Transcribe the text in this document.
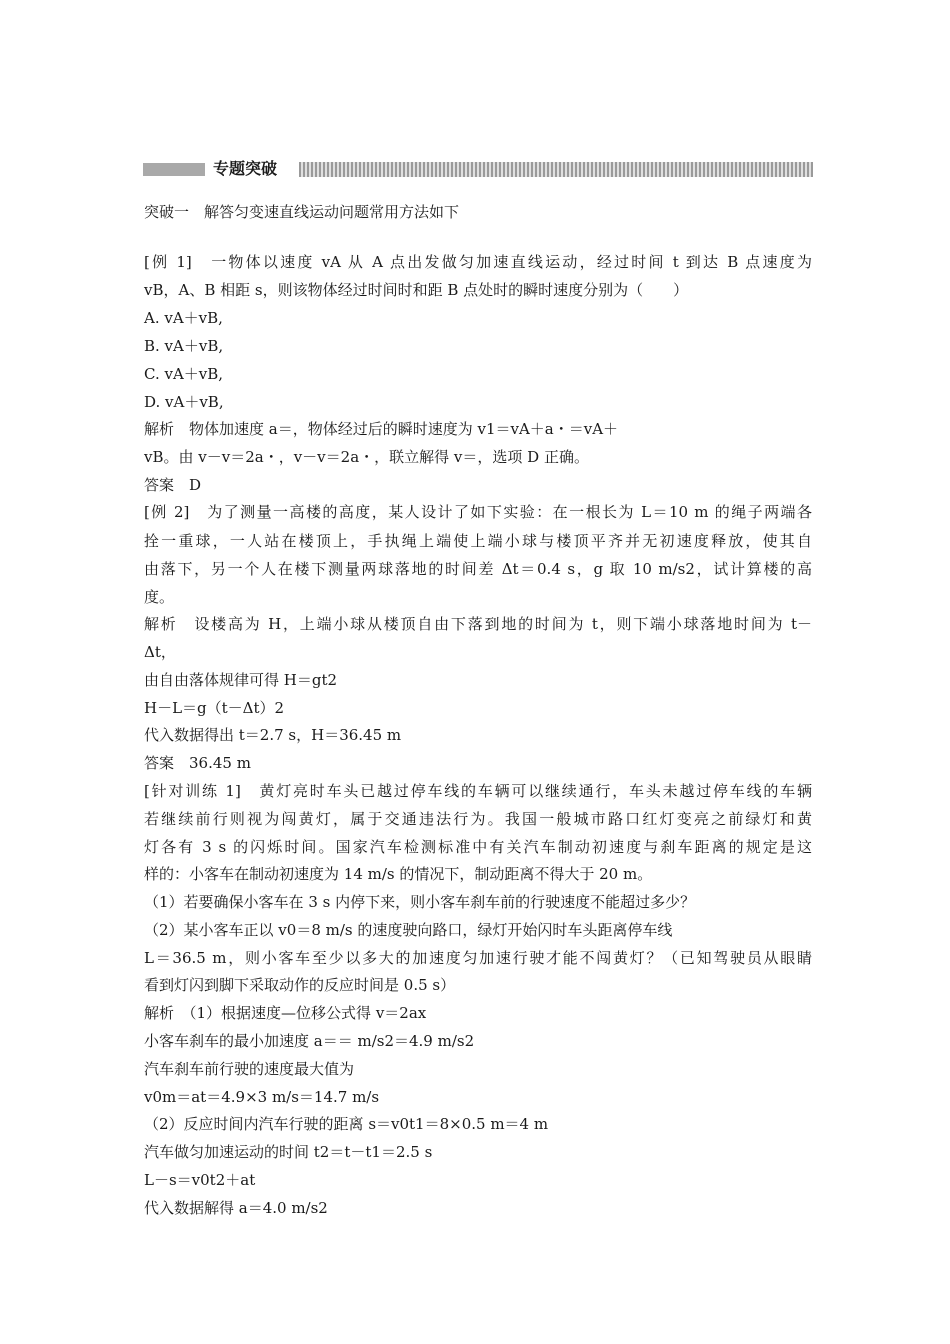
专题突破
突破一　解答匀变速直线运动问题常用方法如下
[例 1]　一物体以速度 vA 从 A 点出发做匀加速直线运动，经过时间 t 到达 B 点速度为
vB，A、B 相距 s，则该物体经过时间时和距 B 点处时的瞬时速度分别为（　　）
A. vA＋vB,
B. vA＋vB,
C. vA＋vB,
D. vA＋vB,
解析　物体加速度 a＝，物体经过后的瞬时速度为 v1＝vA＋a・＝vA＋
vB。由 v－v＝2a・，v－v＝2a・，联立解得 v＝，选项 D 正确。
答案　D
[例 2]　为了测量一高楼的高度，某人设计了如下实验：在一根长为 L＝10 m 的绳子两端各
拴一重球，一人站在楼顶上，手执绳上端使上端小球与楼顶平齐并无初速度释放，使其自
由落下，另一个人在楼下测量两球落地的时间差 Δt＝0.4 s，g 取 10 m/s2，试计算楼的高
度。
解析　设楼高为 H，上端小球从楼顶自由下落到地的时间为 t，则下端小球落地时间为 t－
Δt，
由自由落体规律可得 H＝gt2
H－L＝g（t－Δt）2
代入数据得出 t＝2.7 s，H＝36.45 m
答案　36.45 m
[针对训练 1]　黄灯亮时车头已越过停车线的车辆可以继续通行，车头未越过停车线的车辆
若继续前行则视为闯黄灯，属于交通违法行为。我国一般城市路口红灯变亮之前绿灯和黄
灯各有 3 s 的闪烁时间。国家汽车检测标准中有关汽车制动初速度与刹车距离的规定是这
样的：小客车在制动初速度为 14 m/s 的情况下，制动距离不得大于 20 m。
（1）若要确保小客车在 3 s 内停下来，则小客车刹车前的行驶速度不能超过多少？
（2）某小客车正以 v0＝8 m/s 的速度驶向路口，绿灯开始闪时车头距离停车线
L＝36.5 m，则小客车至少以多大的加速度匀加速行驶才能不闯黄灯？（已知驾驶员从眼睛
看到灯闪到脚下采取动作的反应时间是 0.5 s）
解析　（1）根据速度—位移公式得 v＝2ax
小客车刹车的最小加速度 a＝＝ m/s2＝4.9 m/s2
汽车刹车前行驶的速度最大值为
v0m＝at＝4.9×3 m/s＝14.7 m/s
（2）反应时间内汽车行驶的距离 s＝v0t1＝8×0.5 m＝4 m
汽车做匀加速运动的时间 t2＝t－t1＝2.5 s
L－s＝v0t2＋at
代入数据解得 a＝4.0 m/s2
